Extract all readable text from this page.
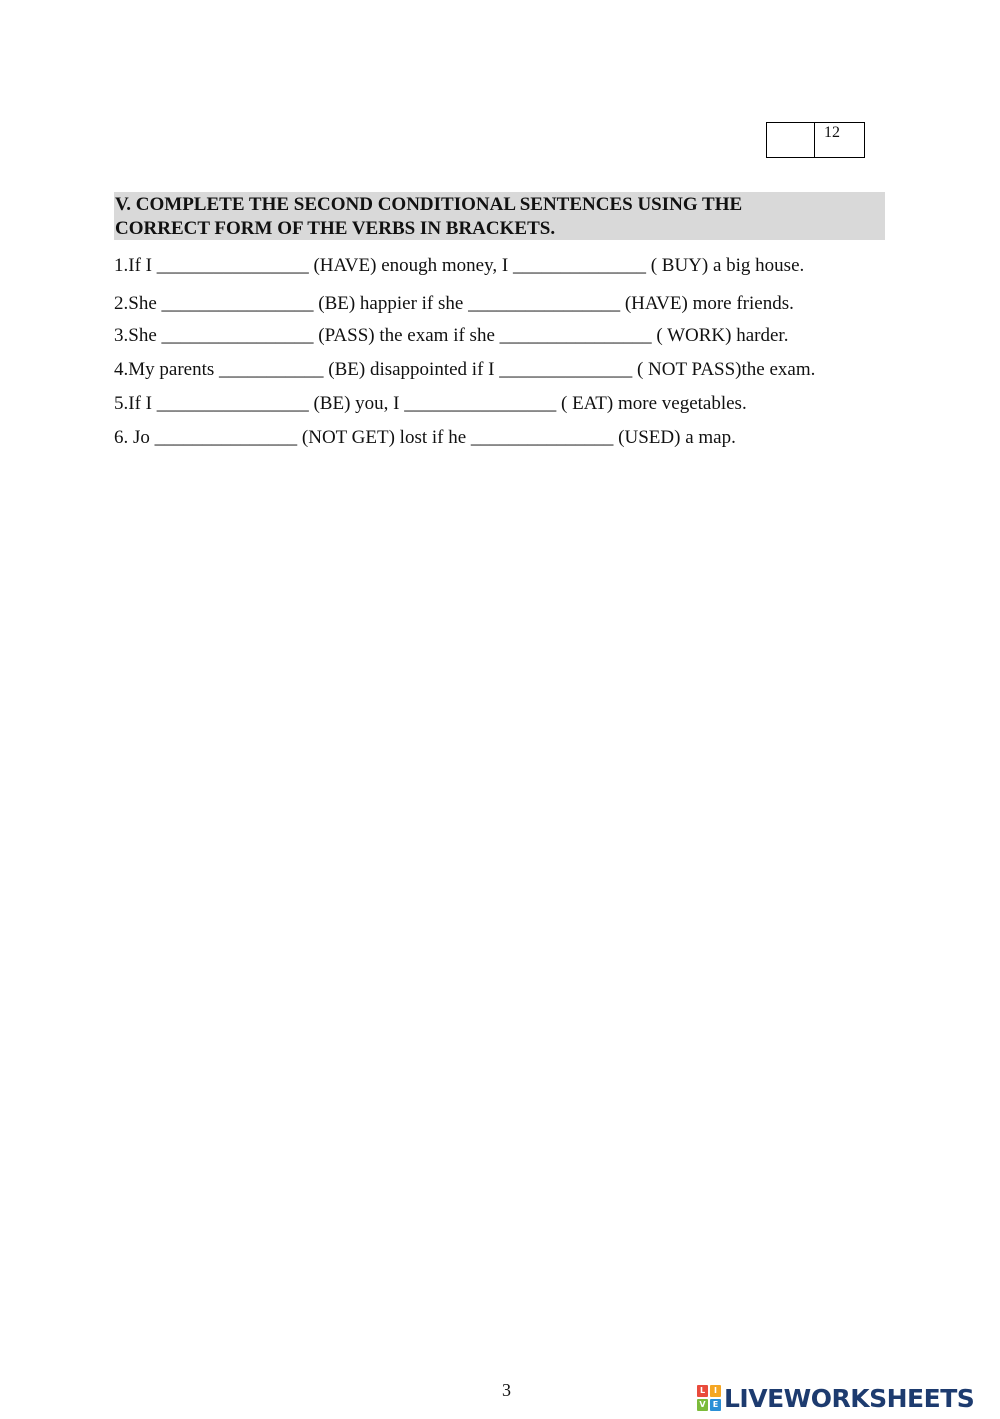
12
V. COMPLETE THE SECOND CONDITIONAL SENTENCES USING THE
CORRECT FORM OF THE VERBS IN BRACKETS.
1.If I ________________ (HAVE) enough money, I ______________ ( BUY) a big house.
2.She ________________ (BE) happier if she ________________ (HAVE) more friends.
3.She ________________ (PASS) the exam if she ________________ ( WORK) harder.
4.My parents ___________ (BE) disappointed if I ______________ ( NOT PASS)the exam.
5.If I ________________ (BE) you, I ________________ ( EAT) more vegetables.
6. Jo _______________ (NOT GET) lost if he _______________ (USED) a map.
3	L	I
V E LIVEWORKSHEETS
